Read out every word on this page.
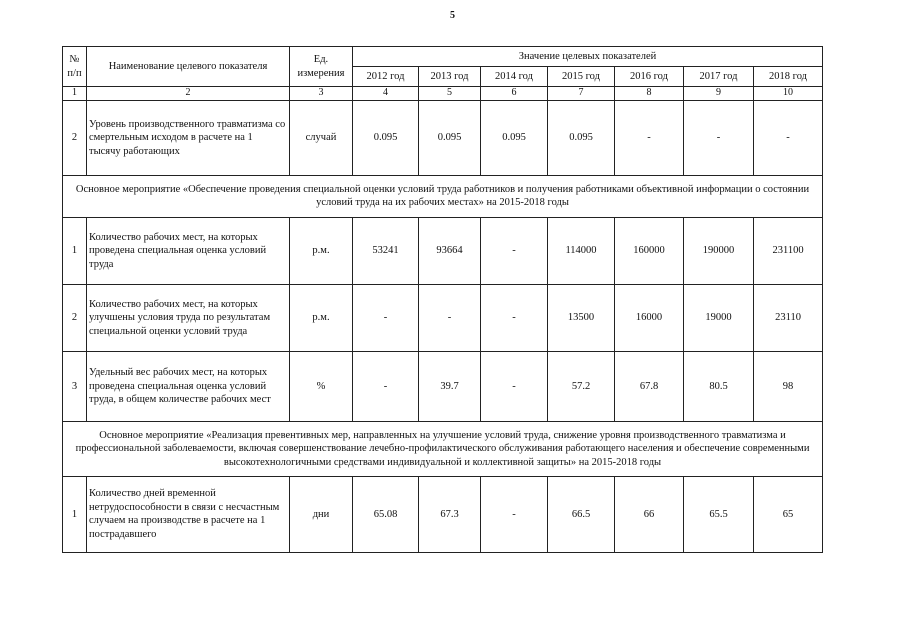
5
№
п/п	Наименование целевого показателя	Ед. измерения	Значение целевых показателей						
			2012 год	2013 год	2014 год	2015 год	2016 год	2017 год	2018 год
1	2	3	4	5	6	7	8	9	10
2	Уровень производственного травматизма со смертельным исходом в расчете на 1 тысячу работающих	случай	0.095	0.095	0.095	0.095	-	-	-
Основное мероприятие «Обеспечение проведения специальной оценки условий труда работников и получения работниками объективной информации о состоянии условий труда на их рабочих местах» на 2015-2018 годы									
1	Количество рабочих мест, на которых проведена специальная оценка условий труда	р.м.	53241	93664	-	114000	160000	190000	231100
2	Количество рабочих мест, на которых улучшены условия труда по результатам специальной оценки условий труда	р.м.	-	-	-	13500	16000	19000	23110
3	Удельный вес рабочих мест, на которых проведена специальная оценка условий труда, в общем количестве рабочих мест	%	-	39.7	-	57.2	67.8	80.5	98
Основное мероприятие «Реализация превентивных мер, направленных на улучшение условий труда, снижение уровня производственного травматизма и профессиональной заболеваемости, включая совершенствование лечебно-профилактического обслуживания работающего населения и обеспечение современными высокотехнологичными средствами индивидуальной и коллективной защиты» на 2015-2018 годы									
1	Количество дней временной нетрудоспособности в связи с несчастным случаем на производстве в расчете на 1 пострадавшего	дни	65.08	67.3	-	66.5	66	65.5	65
